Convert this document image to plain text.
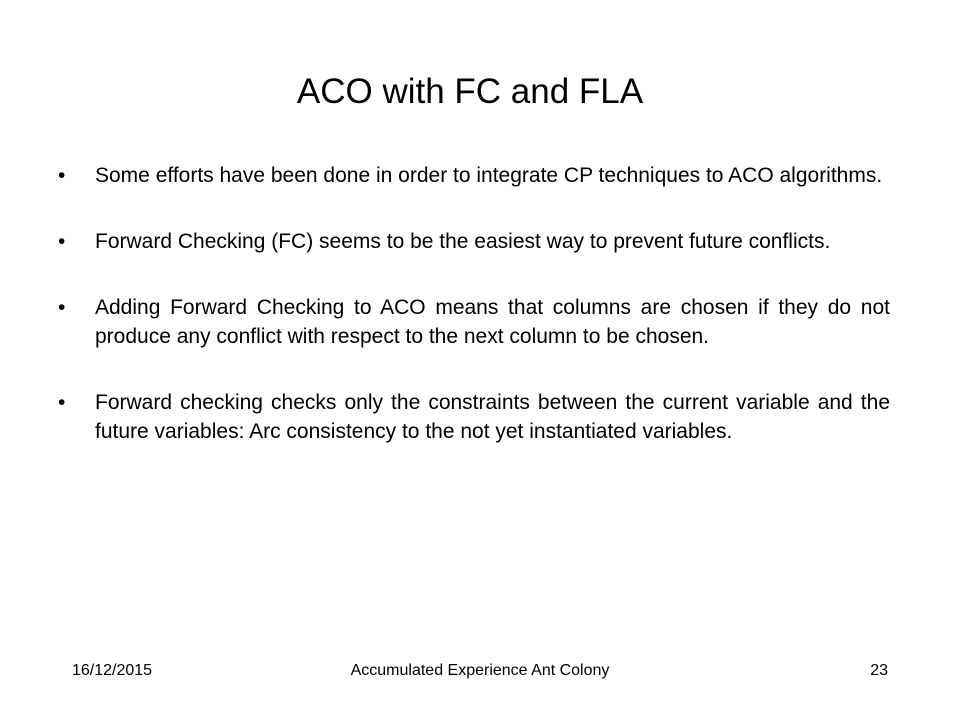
ACO with FC and FLA
•	Some efforts have been done in order to integrate CP techniques to ACO algorithms.
•	Forward Checking (FC) seems to be the easiest way to prevent future conflicts.
•	Adding Forward Checking to ACO means that columns are chosen if they do not produce any conflict with respect to the next column to be chosen.
•	Forward checking checks only the constraints between the current variable and the future variables: Arc consistency to the not yet instantiated variables.
16/12/2015	Accumulated Experience Ant Colony	23
